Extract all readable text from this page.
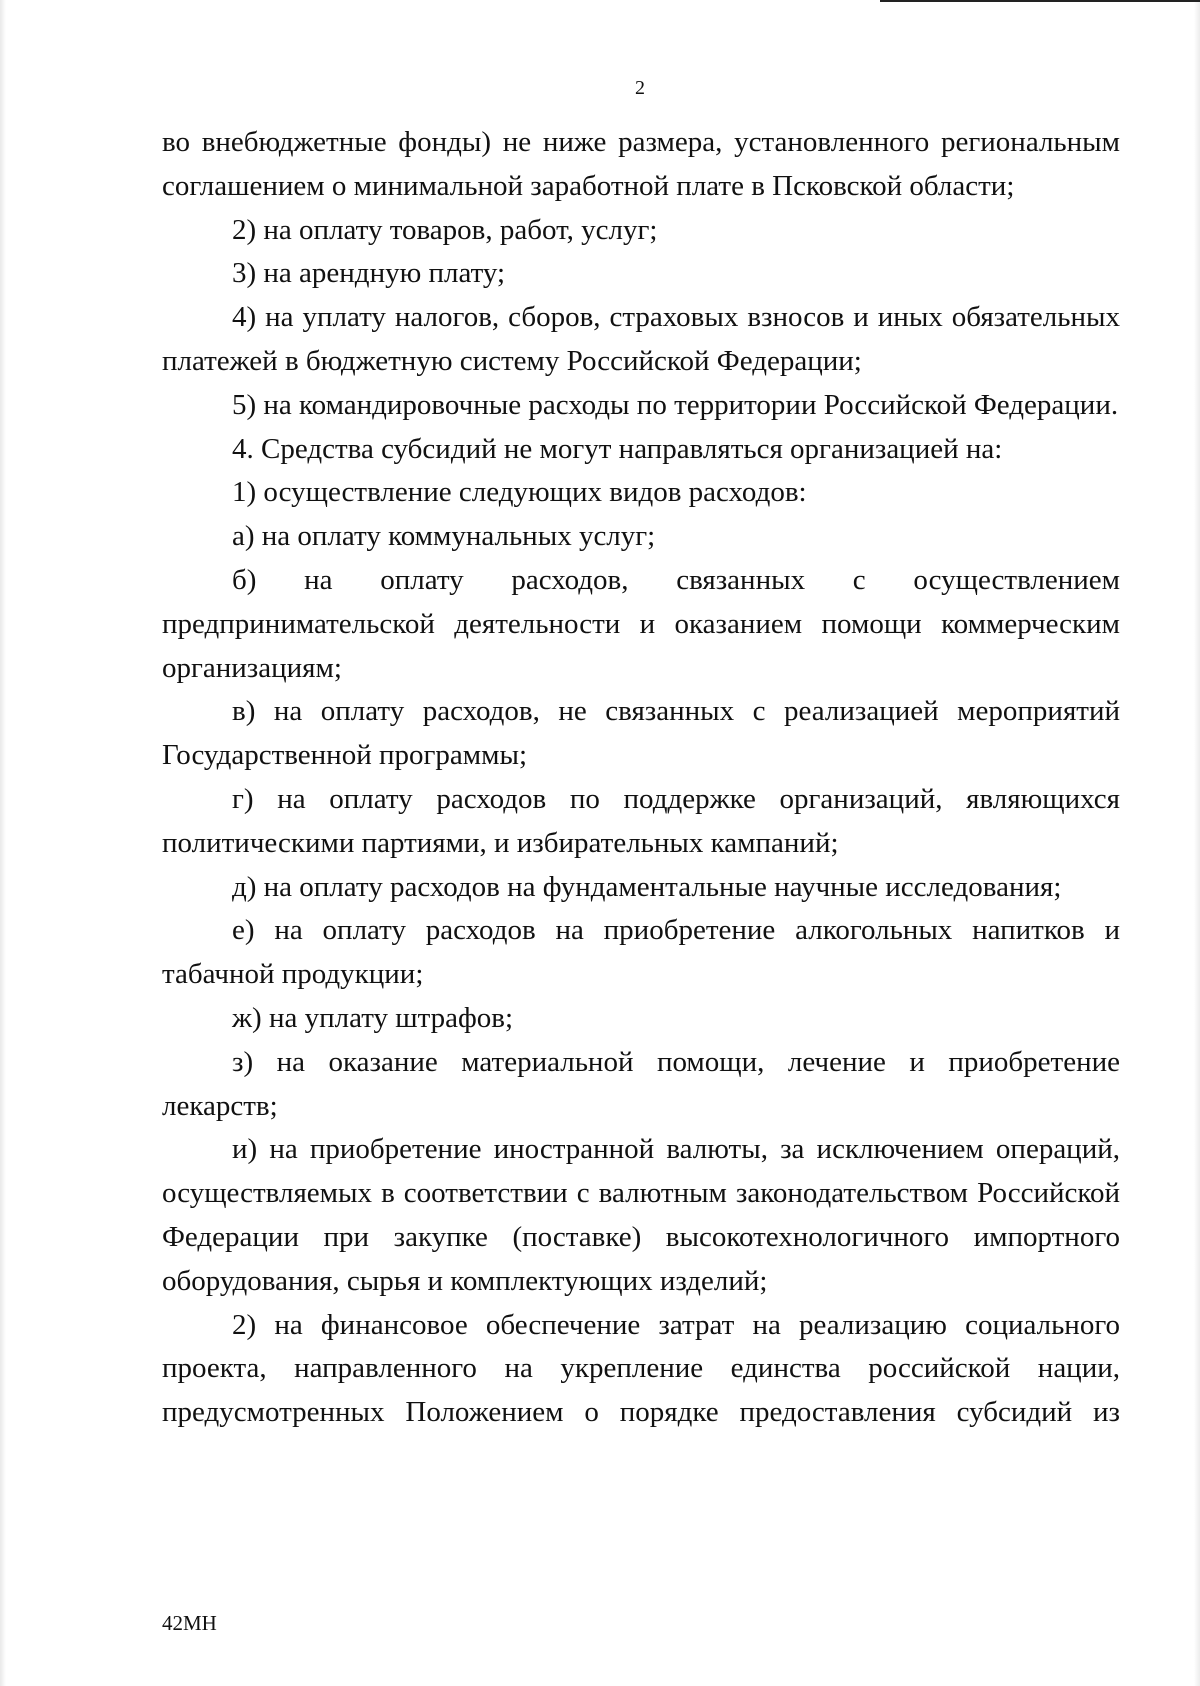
2

во внебюджетные фонды) не ниже размера, установленного региональным соглашением о минимальной заработной плате в Псковской области;

2) на оплату товаров, работ, услуг;

3) на арендную плату;

4) на уплату налогов, сборов, страховых взносов и иных обязательных платежей в бюджетную систему Российской Федерации;

5) на командировочные расходы по территории Российской Федерации.

4. Средства субсидий не могут направляться организацией на:

1) осуществление следующих видов расходов:

а) на оплату коммунальных услуг;

б) на оплату расходов, связанных с осуществлением предпринимательской деятельности и оказанием помощи коммерческим организациям;

в) на оплату расходов, не связанных с реализацией мероприятий Государственной программы;

г) на оплату расходов по поддержке организаций, являющихся политическими партиями, и избирательных кампаний;

д) на оплату расходов на фундаментальные научные исследования;

е) на оплату расходов на приобретение алкогольных напитков и табачной продукции;

ж) на уплату штрафов;

з) на оказание материальной помощи, лечение и приобретение лекарств;

и) на приобретение иностранной валюты, за исключением операций, осуществляемых в соответствии с валютным законодательством Российской Федерации при закупке (поставке) высокотехнологичного импортного оборудования, сырья и комплектующих изделий;

2) на финансовое обеспечение затрат на реализацию социального проекта, направленного на укрепление единства российской нации, предусмотренных Положением о порядке предоставления субсидий из

42МН
